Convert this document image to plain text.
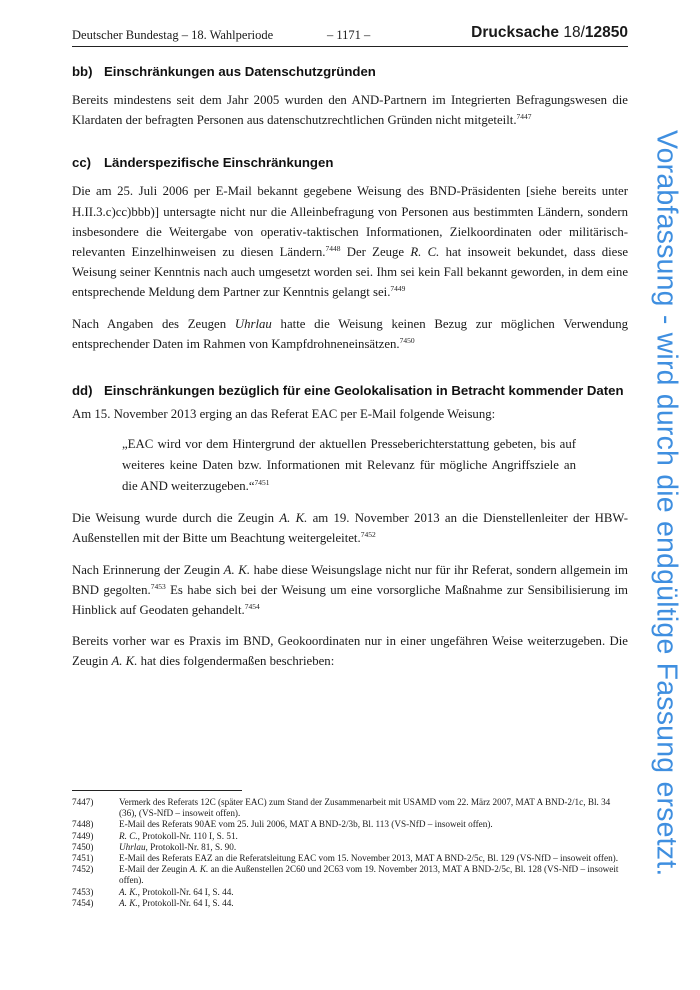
Deutscher Bundestag – 18. Wahlperiode	– 1171 –	Drucksache 18/12850
bb) Einschränkungen aus Datenschutzgründen

Bereits mindestens seit dem Jahr 2005 wurden den AND-Partnern im Integrierten Befragungswesen die Klardaten der befragten Personen aus datenschutzrechtlichen Gründen nicht mitgeteilt.$^{7447}$

cc) Länderspezifische Einschränkungen

Die am 25. Juli 2006 per E-Mail bekannt gegebene Weisung des BND-Präsidenten [siehe bereits unter H.II.3.c)cc)bbb)] untersagte nicht nur die Alleinbefragung von Personen aus bestimmten Ländern, sondern insbesondere die Weitergabe von operativ-taktischen Informationen, Zielkoordinaten oder militärisch-relevanten Einzelhinweisen zu diesen Ländern.$^{7448}$ Der Zeuge R. C. hat insoweit bekundet, dass diese Weisung seiner Kenntnis nach auch umgesetzt worden sei. Ihm sei kein Fall bekannt geworden, in dem eine entsprechende Meldung dem Partner zur Kenntnis gelangt sei.$^{7449}$

Nach Angaben des Zeugen Uhrlau hatte die Weisung keinen Bezug zur möglichen Verwendung entsprechender Daten im Rahmen von Kampfdrohneneinsätzen.$^{7450}$

dd) Einschränkungen bezüglich für eine Geolokalisation in Betracht kommender Daten

Am 15. November 2013 erging an das Referat EAC per E-Mail folgende Weisung:

„EAC wird vor dem Hintergrund der aktuellen Presseberichterstattung gebeten, bis auf weiteres keine Daten bzw. Informationen mit Relevanz für mögliche Angriffsziele an die AND weiterzugeben.“$^{7451}$

Die Weisung wurde durch die Zeugin A. K. am 19. November 2013 an die Dienstellenleiter der HBW-Außenstellen mit der Bitte um Beachtung weitergeleitet.$^{7452}$

Nach Erinnerung der Zeugin A. K. habe diese Weisungslage nicht nur für ihr Referat, sondern allgemein im BND gegolten.$^{7453}$ Es habe sich bei der Weisung um eine vorsorgliche Maßnahme zur Sensibilisierung im Hinblick auf Geodaten gehandelt.$^{7454}$

Bereits vorher war es Praxis im BND, Geokoordinaten nur in einer ungefähren Weise weiterzugeben. Die Zeugin A. K. hat dies folgendermaßen beschrieben:

7447)	Vermerk des Referats 12C (später EAC) zum Stand der Zusammenarbeit mit USAMD vom 22. März 2007, MAT A BND-2/1c, Bl. 34 (36), (VS-NfD – insoweit offen).
7448)	E-Mail des Referats 90AE vom 25. Juli 2006, MAT A BND-2/3b, Bl. 113 (VS-NfD – insoweit offen).
7449)	R. C., Protokoll-Nr. 110 I, S. 51.
7450)	Uhrlau, Protokoll-Nr. 81, S. 90.
7451)	E-Mail des Referats EAZ an die Referatsleitung EAC vom 15. November 2013, MAT A BND-2/5c, Bl. 129 (VS-NfD – insoweit offen).
7452)	E-Mail der Zeugin A. K. an die Außenstellen 2C60 und 2C63 vom 19. November 2013, MAT A BND-2/5c, Bl. 128 (VS-NfD – insoweit offen).
7453)	A. K., Protokoll-Nr. 64 I, S. 44.
7454)	A. K., Protokoll-Nr. 64 I, S. 44.
Vorabfassung - wird durch die endgültige Fassung ersetzt.
